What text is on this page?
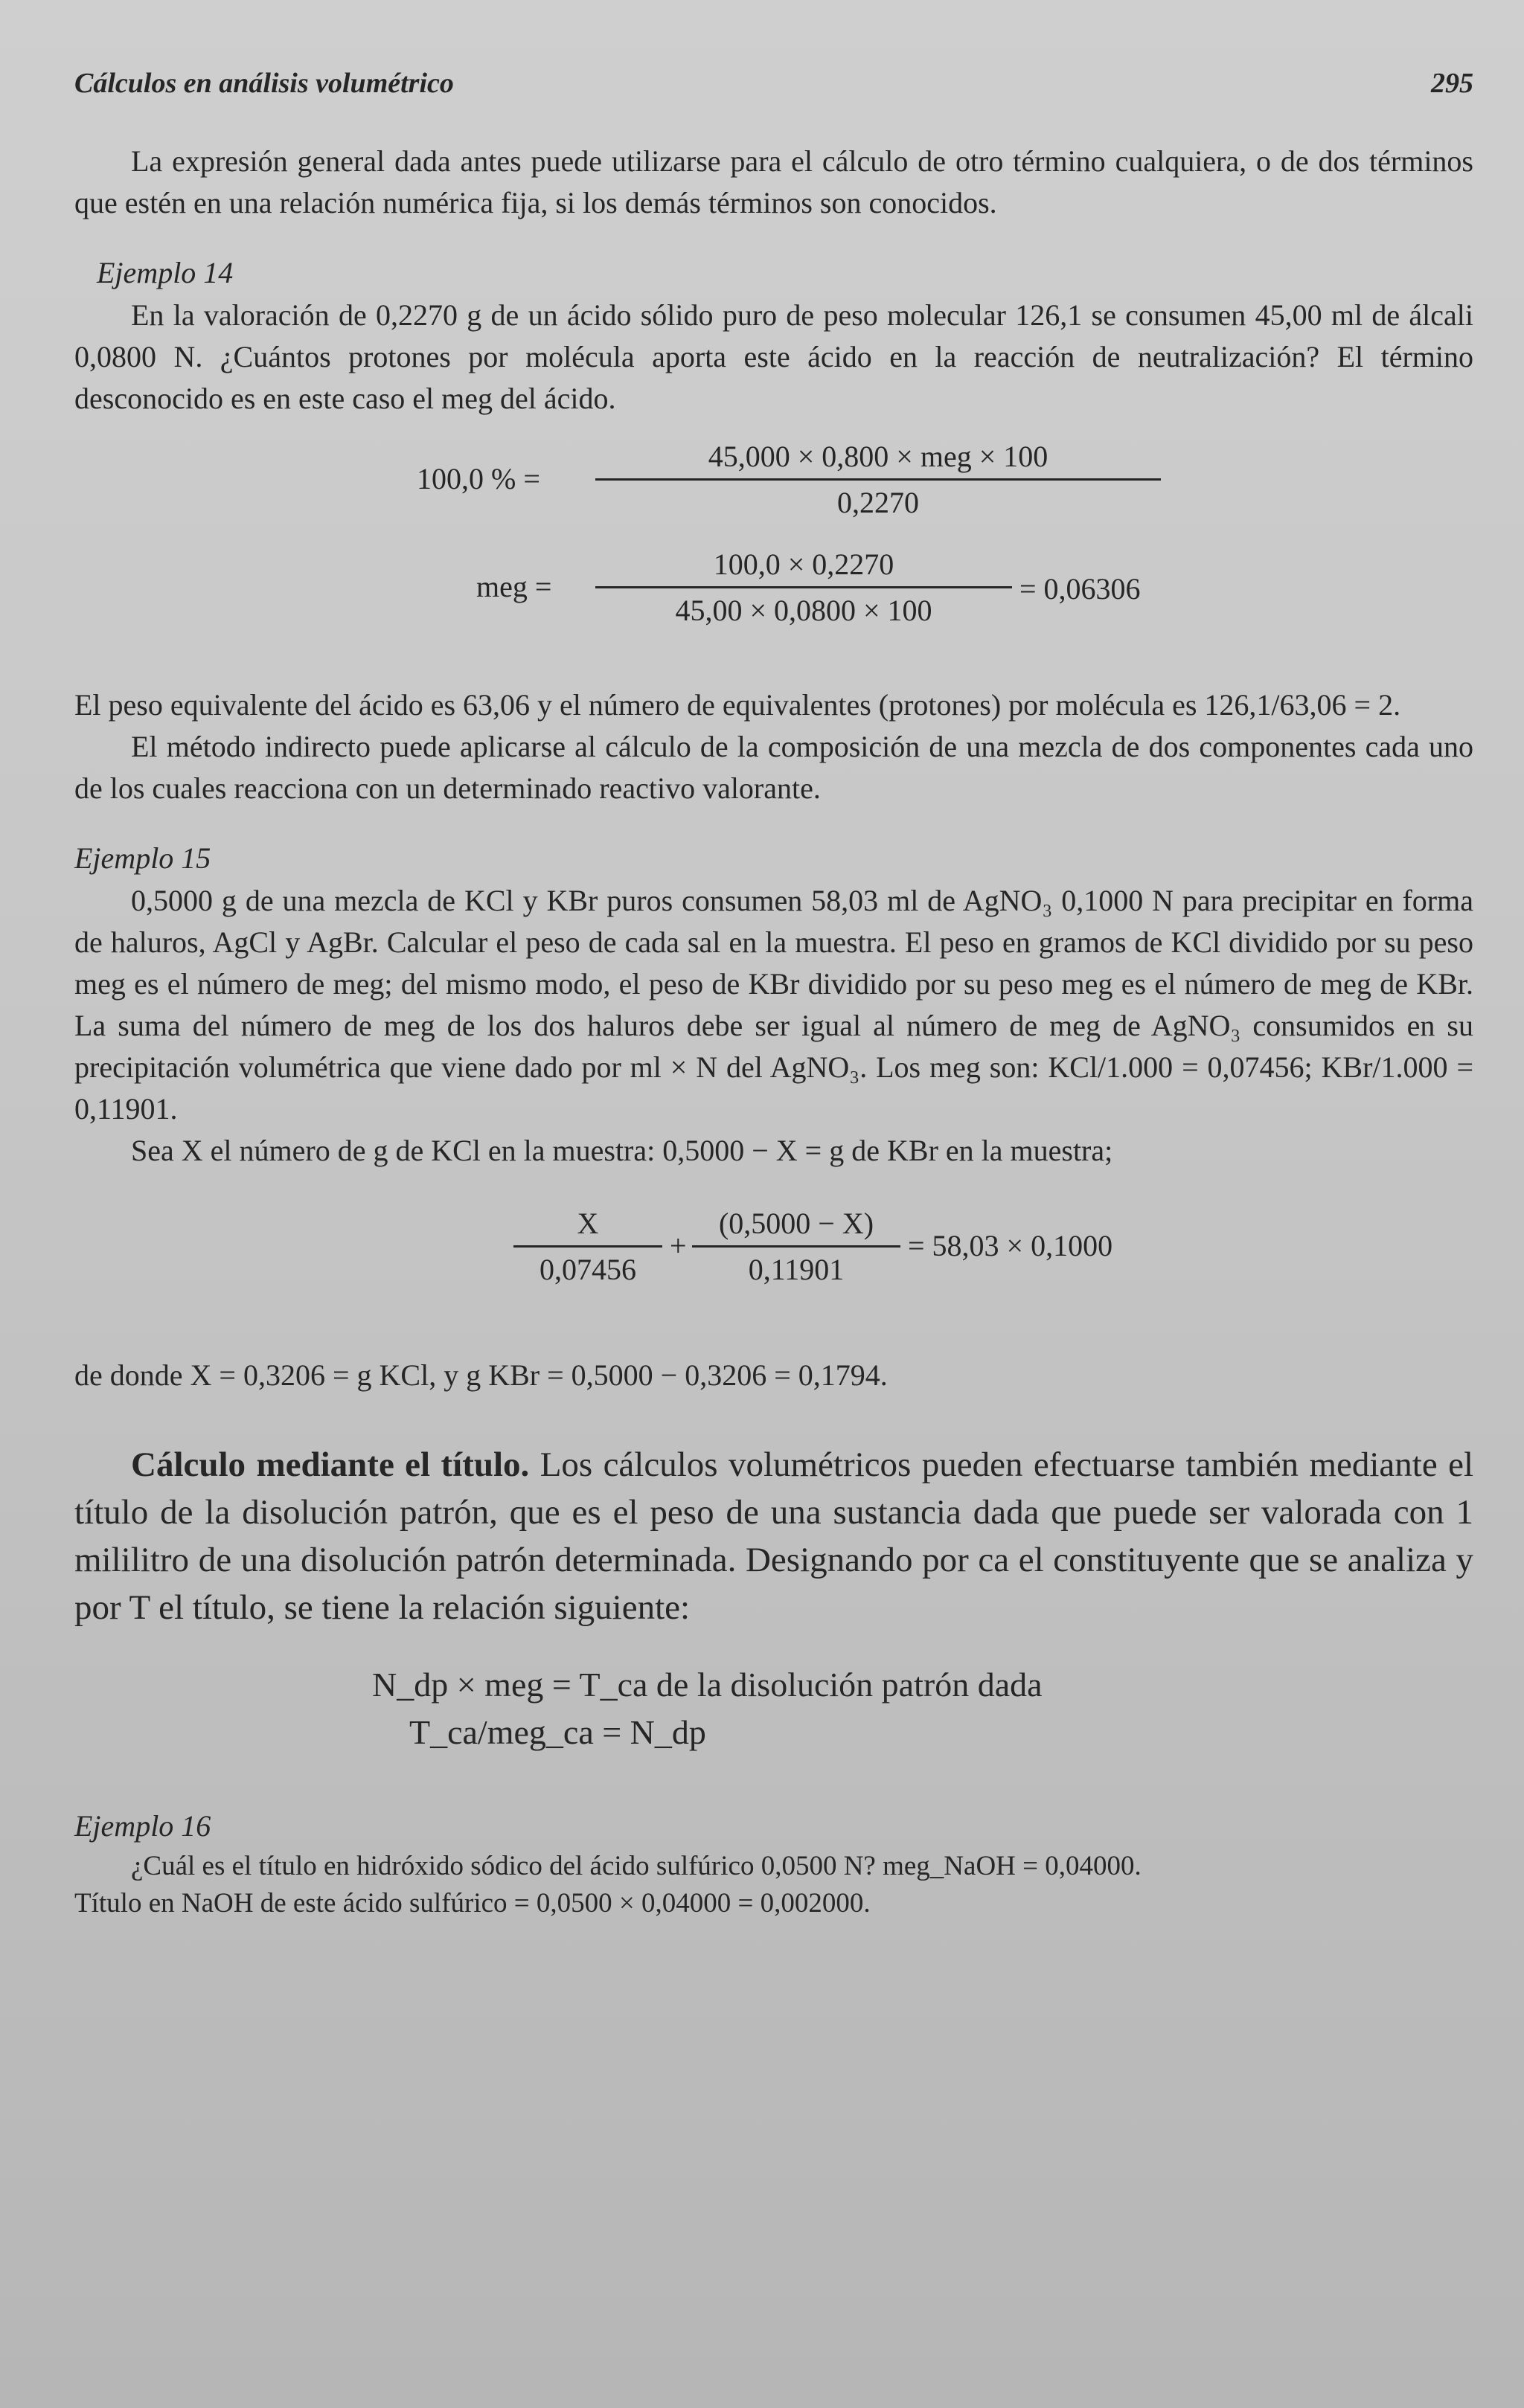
Cálculos en análisis volumétrico	295

La expresión general dada antes puede utilizarse para el cálculo de otro término cualquiera, o de dos términos que estén en una relación numérica fija, si los demás términos son conocidos.

Ejemplo 14

En la valoración de 0,2270 g de un ácido sólido puro de peso molecular 126,1 se consumen 45,00 ml de álcali 0,0800 N. ¿Cuántos protones por molécula aporta este ácido en la reacción de neutralización? El término desconocido es en este caso el meg del ácido.

100,0 % =
45,000 × 0,800 × meg × 100
0,2270
meg = $\frac{100,0 \times 0,2270}{45,00 \times 0,0800 \times 100} = 0,06306$

El peso equivalente del ácido es 63,06 y el número de equivalentes (protones) por molécula es 126,1/63,06 = 2.

El método indirecto puede aplicarse al cálculo de la composición de una mezcla de dos componentes cada uno de los cuales reacciona con un determinado reactivo valorante.

Ejemplo 15

0,5000 g de una mezcla de KCl y KBr puros consumen 58,03 ml de AgNO₃ 0,1000 N para precipitar en forma de haluros, AgCl y AgBr. Calcular el peso de cada sal en la muestra. El peso en gramos de KCl dividido por su peso meg es el número de meg; del mismo modo, el peso de KBr dividido por su peso meg es el número de meg de KBr. La suma del número de meg de los dos haluros debe ser igual al número de meg de AgNO₃ consumidos en su precipitación volumétrica que viene dado por ml × N del AgNO₃. Los meg son: KCl/1.000 = 0,07456; KBr/1.000 = 0,11901.

Sea X el número de g de KCl en la muestra: 0,5000 − X = g de KBr en la muestra;

$\frac{X}{0,07456} + \frac{(0,5000 - X)}{0,11901} = 58,03 \times 0,1000$

de donde X = 0,3206 = g KCl, y g KBr = 0,5000 − 0,3206 = 0,1794.

Cálculo mediante el título. Los cálculos volumétricos pueden efectuarse también mediante el título de la disolución patrón, que es el peso de una sustancia dada que puede ser valorada con 1 mililitro de una disolución patrón determinada. Designando por ca el constituyente que se analiza y por T el título, se tiene la relación siguiente:

N_dp × meg = T_ca de la disolución patrón dada
T_ca/meg_ca = N_dp
Ejemplo 16

¿Cuál es el título en hidróxido sódico del ácido sulfúrico 0,0500 N? meg_NaOH = 0,04000.

Título en NaOH de este ácido sulfúrico = 0,0500 × 0,04000 = 0,002000.
